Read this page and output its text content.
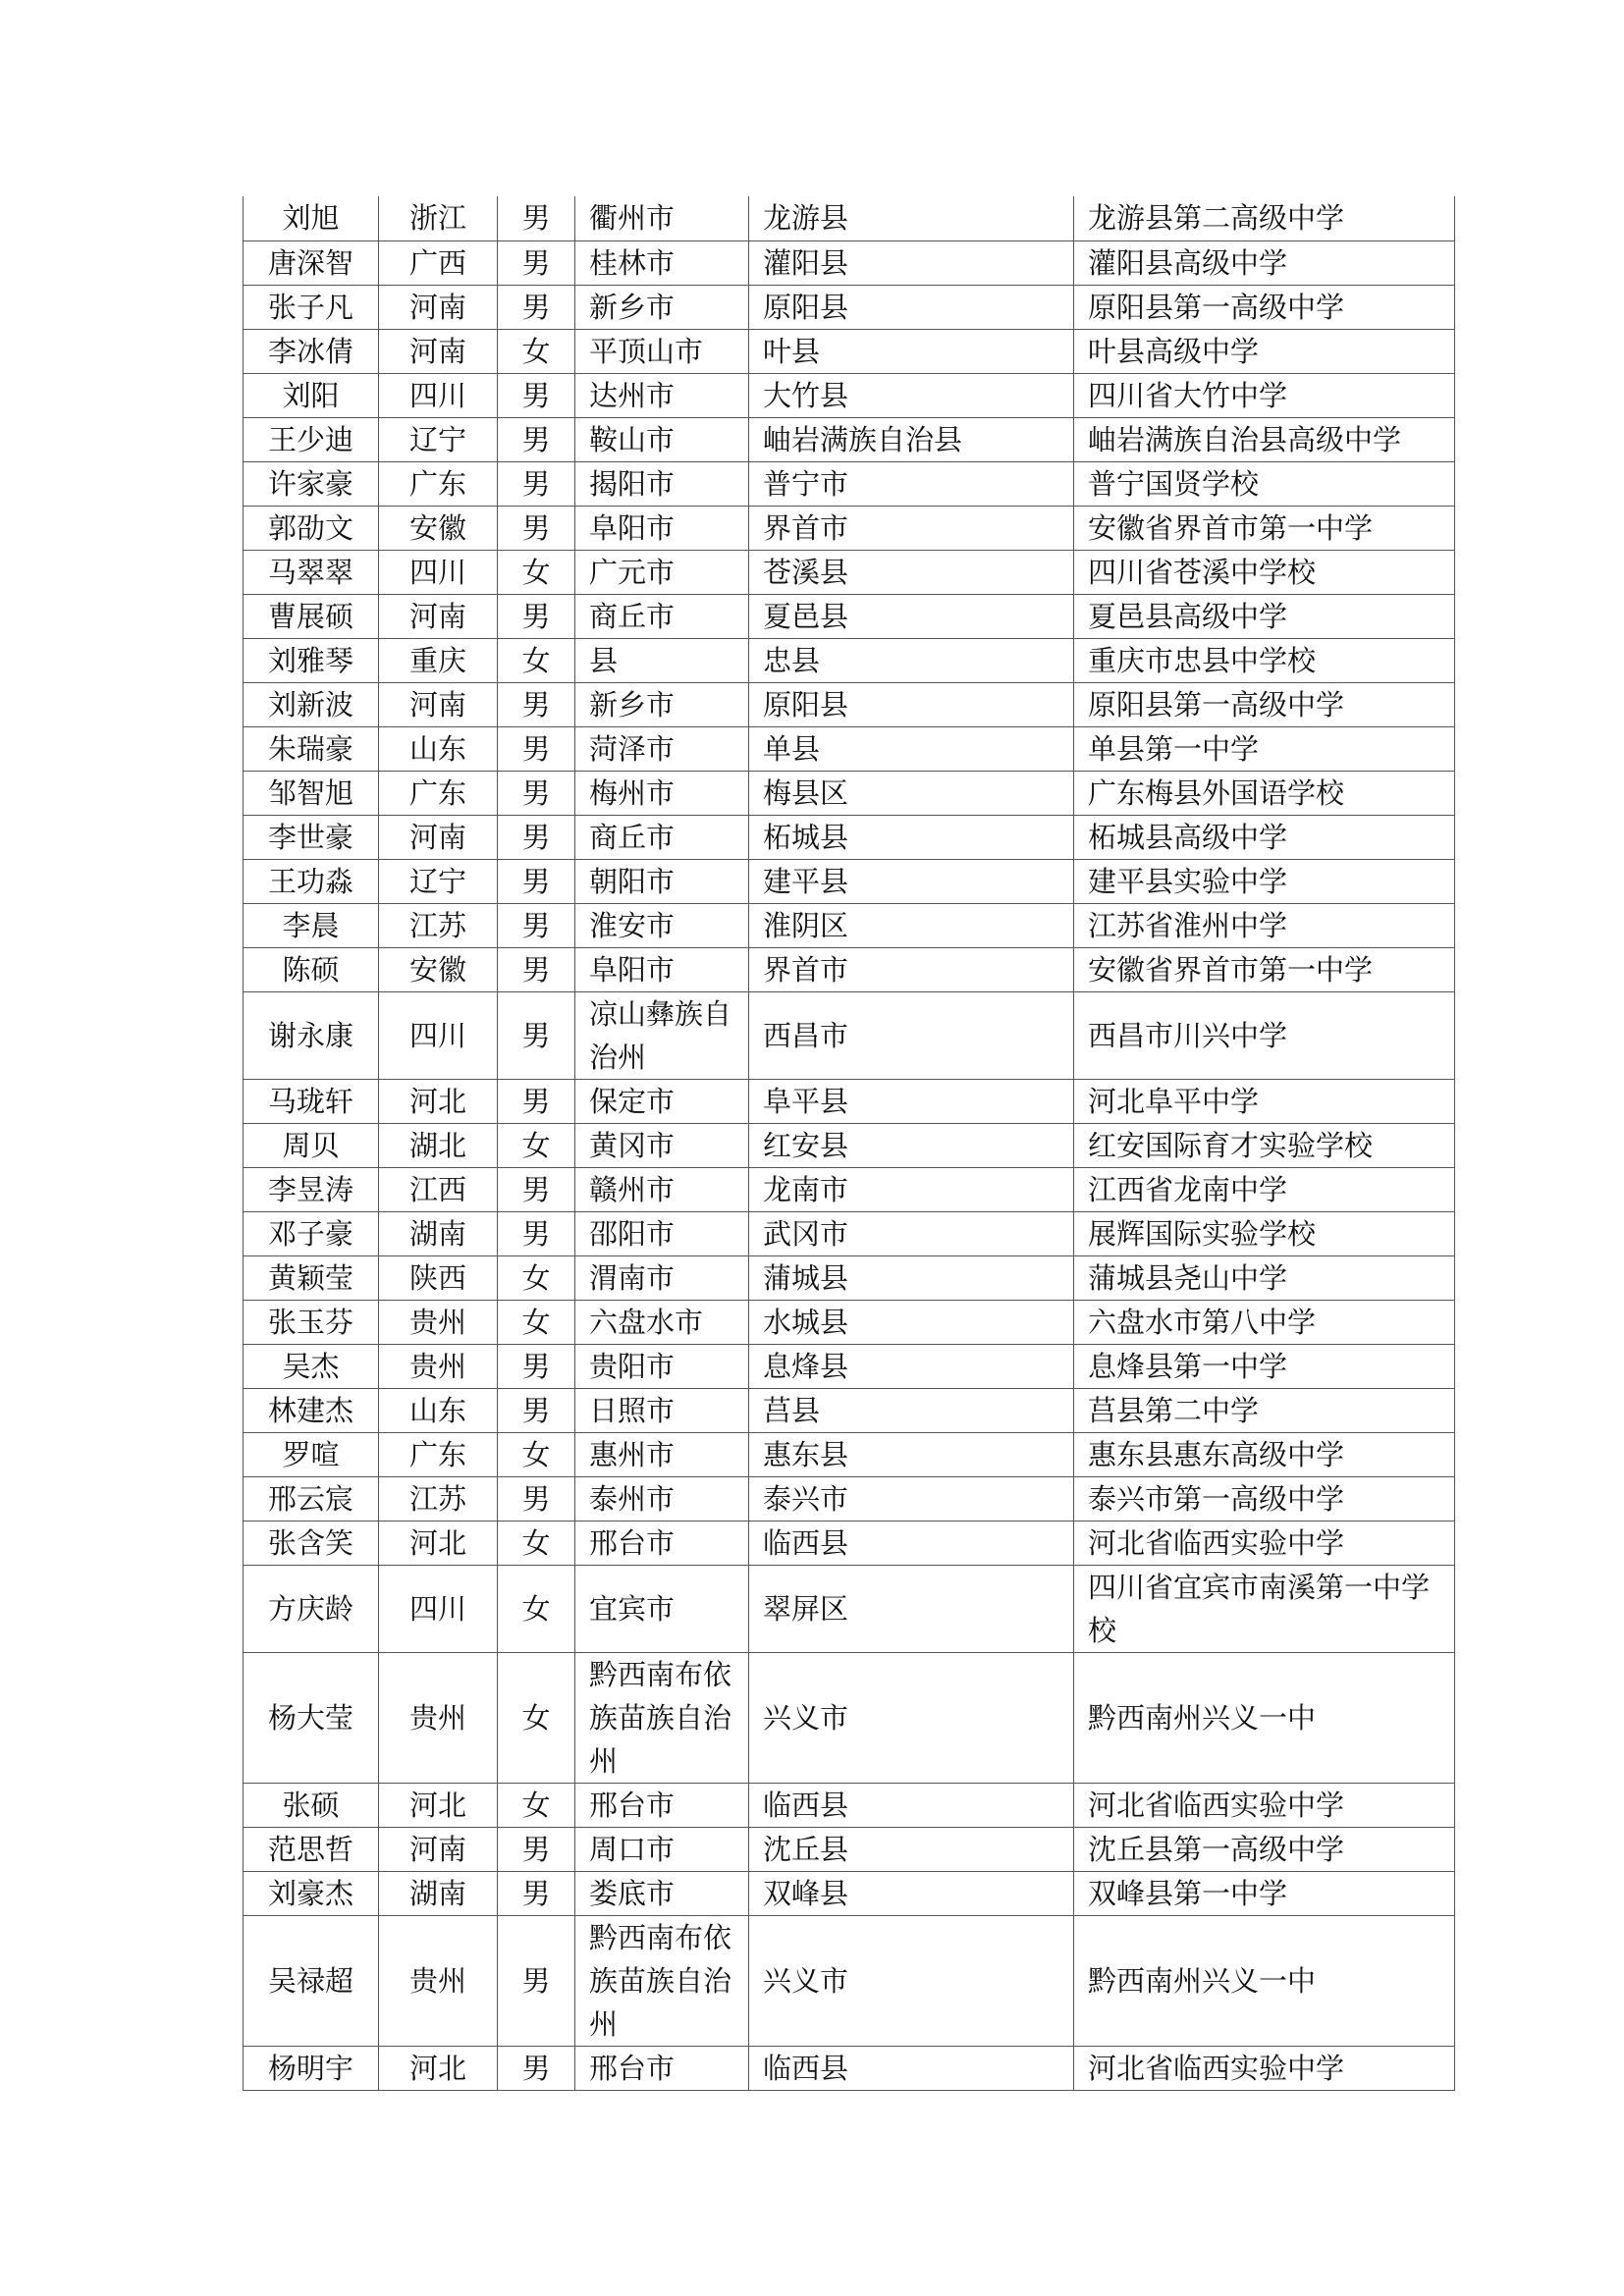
刘旭	浙江	男	衢州市	龙游县	龙游县第二高级中学
唐深智	广西	男	桂林市	灌阳县	灌阳县高级中学
张子凡	河南	男	新乡市	原阳县	原阳县第一高级中学
李冰倩	河南	女	平顶山市	叶县	叶县高级中学
刘阳	四川	男	达州市	大竹县	四川省大竹中学
王少迪	辽宁	男	鞍山市	岫岩满族自治县	岫岩满族自治县高级中学
许家豪	广东	男	揭阳市	普宁市	普宁国贤学校
郭劭文	安徽	男	阜阳市	界首市	安徽省界首市第一中学
马翠翠	四川	女	广元市	苍溪县	四川省苍溪中学校
曹展硕	河南	男	商丘市	夏邑县	夏邑县高级中学
刘雅琴	重庆	女	县	忠县	重庆市忠县中学校
刘新波	河南	男	新乡市	原阳县	原阳县第一高级中学
朱瑞豪	山东	男	菏泽市	单县	单县第一中学
邹智旭	广东	男	梅州市	梅县区	广东梅县外国语学校
李世豪	河南	男	商丘市	柘城县	柘城县高级中学
王功淼	辽宁	男	朝阳市	建平县	建平县实验中学
李晨	江苏	男	淮安市	淮阴区	江苏省淮州中学
陈硕	安徽	男	阜阳市	界首市	安徽省界首市第一中学
谢永康	四川	男	凉山彝族自治州	西昌市	西昌市川兴中学
马珑轩	河北	男	保定市	阜平县	河北阜平中学
周贝	湖北	女	黄冈市	红安县	红安国际育才实验学校
李昱涛	江西	男	赣州市	龙南市	江西省龙南中学
邓子豪	湖南	男	邵阳市	武冈市	展辉国际实验学校
黄颖莹	陕西	女	渭南市	蒲城县	蒲城县尧山中学
张玉芬	贵州	女	六盘水市	水城县	六盘水市第八中学
吴杰	贵州	男	贵阳市	息烽县	息烽县第一中学
林建杰	山东	男	日照市	莒县	莒县第二中学
罗喧	广东	女	惠州市	惠东县	惠东县惠东高级中学
邢云宸	江苏	男	泰州市	泰兴市	泰兴市第一高级中学
张含笑	河北	女	邢台市	临西县	河北省临西实验中学
方庆龄	四川	女	宜宾市	翠屏区	四川省宜宾市南溪第一中学校
杨大莹	贵州	女	黔西南布依族苗族自治州	兴义市	黔西南州兴义一中
张硕	河北	女	邢台市	临西县	河北省临西实验中学
范思哲	河南	男	周口市	沈丘县	沈丘县第一高级中学
刘豪杰	湖南	男	娄底市	双峰县	双峰县第一中学
吴禄超	贵州	男	黔西南布依族苗族自治州	兴义市	黔西南州兴义一中
杨明宇	河北	男	邢台市	临西县	河北省临西实验中学
